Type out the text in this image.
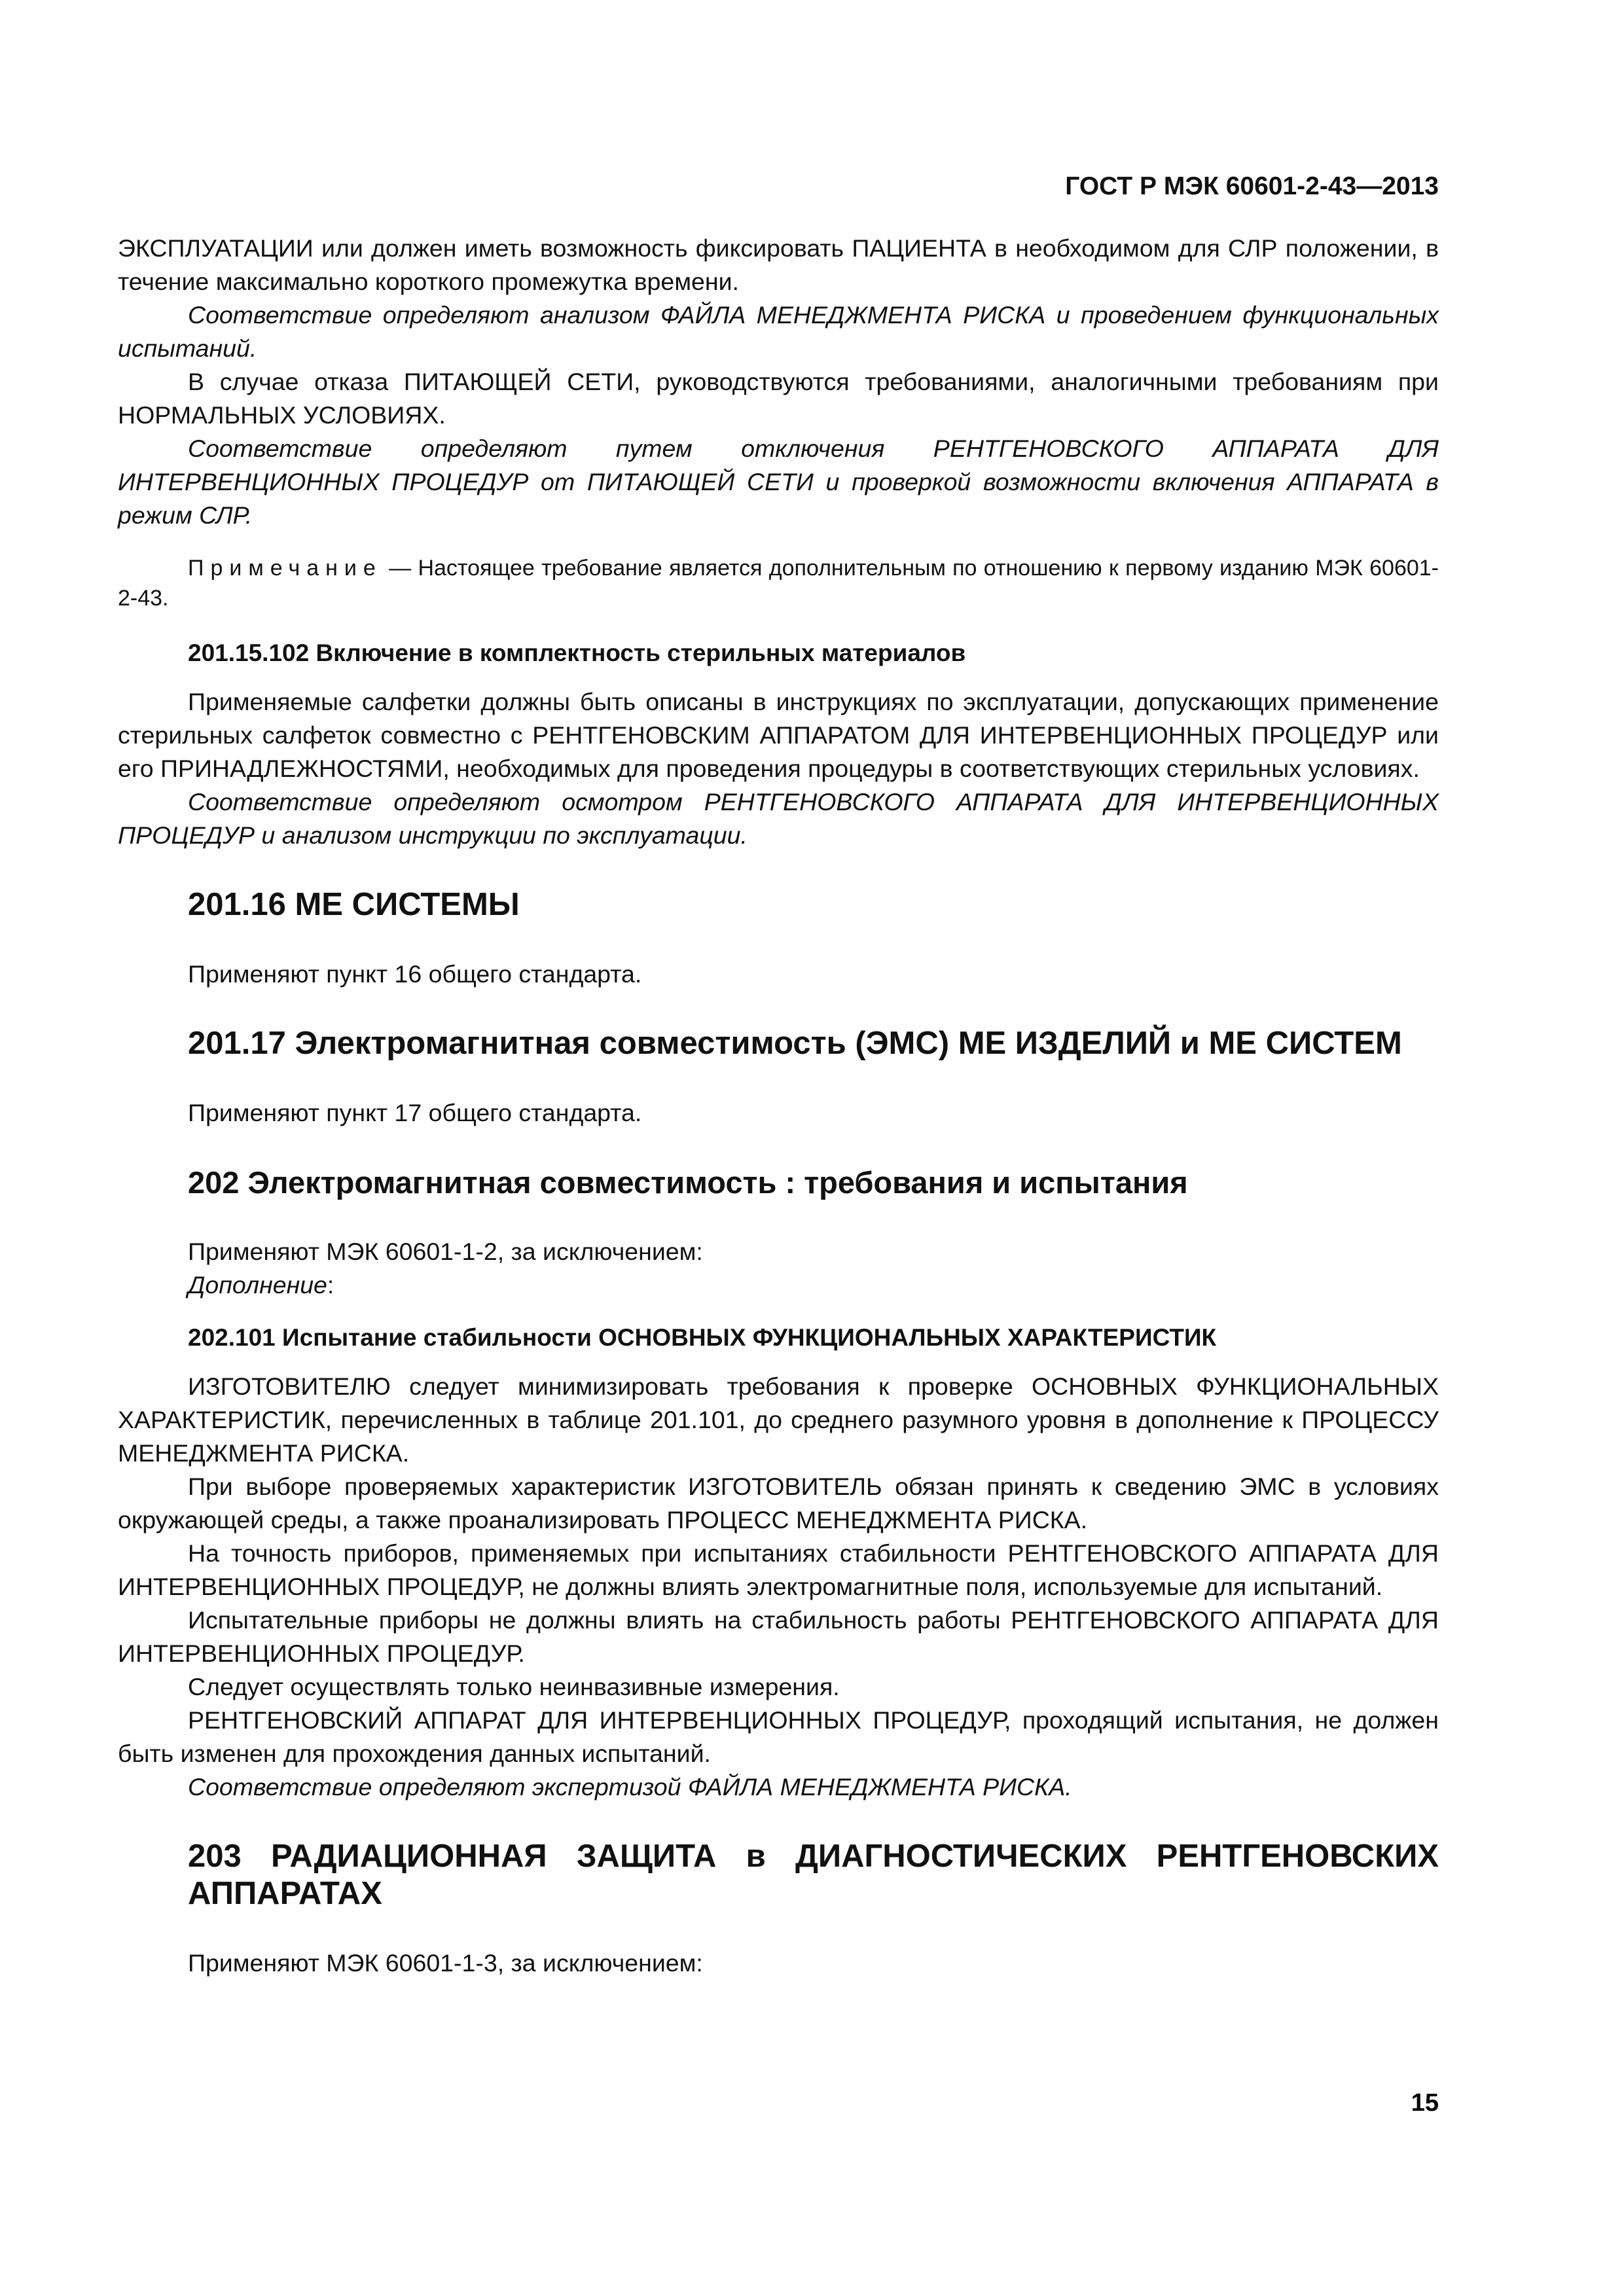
ГОСТ Р МЭК 60601-2-43—2013

ЭКСПЛУАТАЦИИ или должен иметь возможность фиксировать ПАЦИЕНТА в необходимом для СЛР положении, в течение максимально короткого промежутка времени.

Соответствие определяют анализом ФАЙЛА МЕНЕДЖМЕНТА РИСКА и проведением функциональных испытаний.

В случае отказа ПИТАЮЩЕЙ СЕТИ, руководствуются требованиями, аналогичными требованиям при НОРМАЛЬНЫХ УСЛОВИЯХ.

Соответствие определяют путем отключения РЕНТГЕНОВСКОГО АППАРАТА ДЛЯ ИНТЕРВЕНЦИОННЫХ ПРОЦЕДУР от ПИТАЮЩЕЙ СЕТИ и проверкой возможности включения АППАРАТА в режим СЛР.

Примечание — Настоящее требование является дополнительным по отношению к первому изданию МЭК 60601-2-43.

201.15.102 Включение в комплектность стерильных материалов

Применяемые салфетки должны быть описаны в инструкциях по эксплуатации, допускающих применение стерильных салфеток совместно с РЕНТГЕНОВСКИМ АППАРАТОМ ДЛЯ ИНТЕРВЕНЦИОННЫХ ПРОЦЕДУР или его ПРИНАДЛЕЖНОСТЯМИ, необходимых для проведения процедуры в соответствующих стерильных условиях.

Соответствие определяют осмотром РЕНТГЕНОВСКОГО АППАРАТА ДЛЯ ИНТЕРВЕНЦИОННЫХ ПРОЦЕДУР и анализом инструкции по эксплуатации.

201.16 МЕ СИСТЕМЫ

Применяют пункт 16 общего стандарта.

201.17 Электромагнитная совместимость (ЭМС) МЕ ИЗДЕЛИЙ и МЕ СИСТЕМ

Применяют пункт 17 общего стандарта.

202 Электромагнитная совместимость : требования и испытания

Применяют МЭК 60601-1-2, за исключением:

Дополнение:
202.101 Испытание стабильности ОСНОВНЫХ ФУНКЦИОНАЛЬНЫХ ХАРАКТЕРИСТИК

ИЗГОТОВИТЕЛЮ следует минимизировать требования к проверке ОСНОВНЫХ ФУНКЦИОНАЛЬНЫХ ХАРАКТЕРИСТИК, перечисленных в таблице 201.101, до среднего разумного уровня в дополнение к ПРОЦЕССУ МЕНЕДЖМЕНТА РИСКА.

При выборе проверяемых характеристик ИЗГОТОВИТЕЛЬ обязан принять к сведению ЭМС в условиях окружающей среды, а также проанализировать ПРОЦЕСС МЕНЕДЖМЕНТА РИСКА.

На точность приборов, применяемых при испытаниях стабильности РЕНТГЕНОВСКОГО АППАРАТА ДЛЯ ИНТЕРВЕНЦИОННЫХ ПРОЦЕДУР, не должны влиять электромагнитные поля, используемые для испытаний.

Испытательные приборы не должны влиять на стабильность работы РЕНТГЕНОВСКОГО АППАРАТА ДЛЯ ИНТЕРВЕНЦИОННЫХ ПРОЦЕДУР.

Следует осуществлять только неинвазивные измерения.

РЕНТГЕНОВСКИЙ АППАРАТ ДЛЯ ИНТЕРВЕНЦИОННЫХ ПРОЦЕДУР, проходящий испытания, не должен быть изменен для прохождения данных испытаний.

Соответствие определяют экспертизой ФАЙЛА МЕНЕДЖМЕНТА РИСКА.

203 РАДИАЦИОННАЯ ЗАЩИТА в ДИАГНОСТИЧЕСКИХ РЕНТГЕНОВСКИХ АППАРАТАХ

Применяют МЭК 60601-1-3, за исключением:

15
